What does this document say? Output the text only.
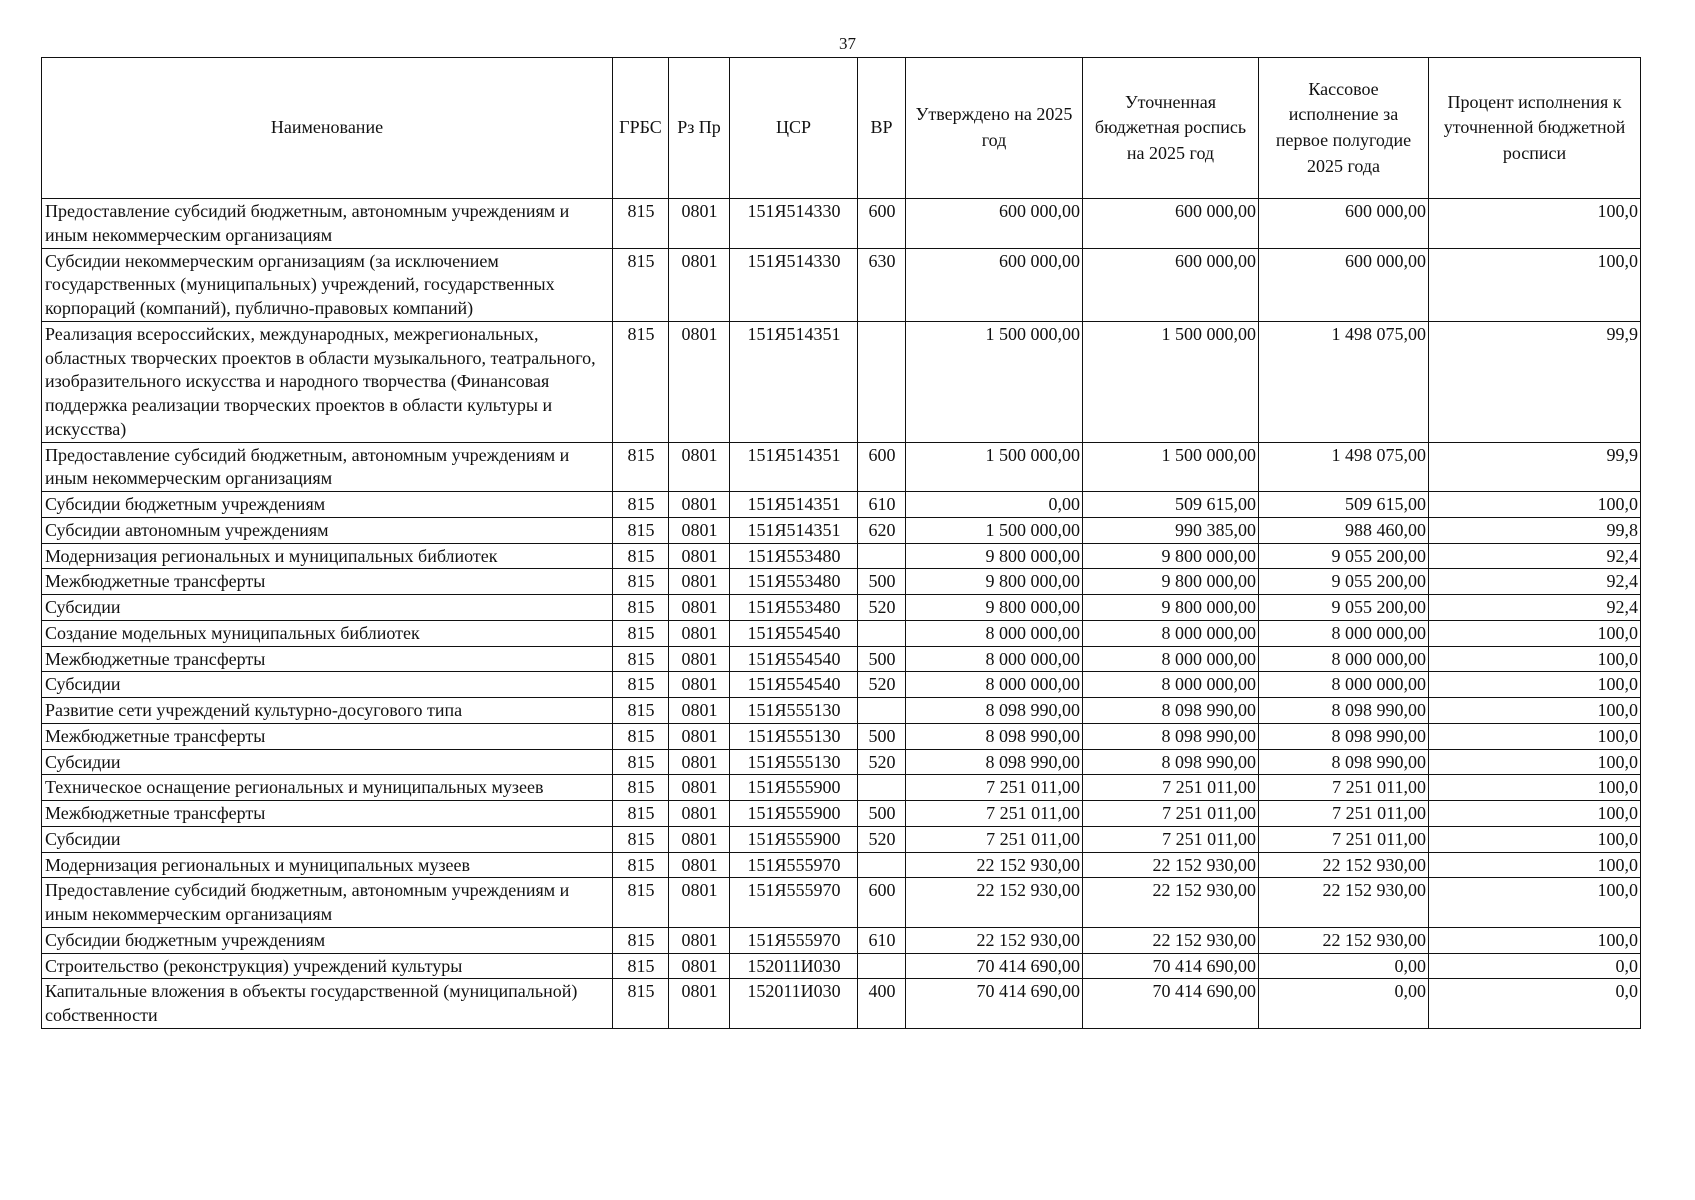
37
Наименование	ГРБС	Рз Пр	ЦСР	ВР	Утверждено на 2025 год	Уточненная бюджетная роспись на 2025 год	Кассовое исполнение за первое полугодие 2025 года	Процент исполнения к уточненной бюджетной росписи
Предоставление субсидий бюджетным, автономным учреждениям и иным некоммерческим организациям	815	0801	151Я514330	600	600 000,00	600 000,00	600 000,00	100,0
Субсидии некоммерческим организациям (за исключением государственных (муниципальных) учреждений, государственных корпораций (компаний), публично-правовых компаний)	815	0801	151Я514330	630	600 000,00	600 000,00	600 000,00	100,0
Реализация всероссийских, международных, межрегиональных, областных творческих проектов в области музыкального, театрального, изобразительного искусства и народного творчества (Финансовая поддержка реализации творческих проектов в области культуры и искусства)	815	0801	151Я514351		1 500 000,00	1 500 000,00	1 498 075,00	99,9
Предоставление субсидий бюджетным, автономным учреждениям и иным некоммерческим организациям	815	0801	151Я514351	600	1 500 000,00	1 500 000,00	1 498 075,00	99,9
Субсидии бюджетным учреждениям	815	0801	151Я514351	610	0,00	509 615,00	509 615,00	100,0
Субсидии автономным учреждениям	815	0801	151Я514351	620	1 500 000,00	990 385,00	988 460,00	99,8
Модернизация региональных и муниципальных библиотек	815	0801	151Я553480		9 800 000,00	9 800 000,00	9 055 200,00	92,4
Межбюджетные трансферты	815	0801	151Я553480	500	9 800 000,00	9 800 000,00	9 055 200,00	92,4
Субсидии	815	0801	151Я553480	520	9 800 000,00	9 800 000,00	9 055 200,00	92,4
Создание модельных муниципальных библиотек	815	0801	151Я554540		8 000 000,00	8 000 000,00	8 000 000,00	100,0
Межбюджетные трансферты	815	0801	151Я554540	500	8 000 000,00	8 000 000,00	8 000 000,00	100,0
Субсидии	815	0801	151Я554540	520	8 000 000,00	8 000 000,00	8 000 000,00	100,0
Развитие сети учреждений культурно-досугового типа	815	0801	151Я555130		8 098 990,00	8 098 990,00	8 098 990,00	100,0
Межбюджетные трансферты	815	0801	151Я555130	500	8 098 990,00	8 098 990,00	8 098 990,00	100,0
Субсидии	815	0801	151Я555130	520	8 098 990,00	8 098 990,00	8 098 990,00	100,0
Техническое оснащение региональных и муниципальных музеев	815	0801	151Я555900		7 251 011,00	7 251 011,00	7 251 011,00	100,0
Межбюджетные трансферты	815	0801	151Я555900	500	7 251 011,00	7 251 011,00	7 251 011,00	100,0
Субсидии	815	0801	151Я555900	520	7 251 011,00	7 251 011,00	7 251 011,00	100,0
Модернизация региональных и муниципальных музеев	815	0801	151Я555970		22 152 930,00	22 152 930,00	22 152 930,00	100,0
Предоставление субсидий бюджетным, автономным учреждениям и иным некоммерческим организациям	815	0801	151Я555970	600	22 152 930,00	22 152 930,00	22 152 930,00	100,0
Субсидии бюджетным учреждениям	815	0801	151Я555970	610	22 152 930,00	22 152 930,00	22 152 930,00	100,0
Строительство (реконструкция) учреждений культуры	815	0801	152011И030		70 414 690,00	70 414 690,00	0,00	0,0
Капитальные вложения в объекты государственной (муниципальной) собственности	815	0801	152011И030	400	70 414 690,00	70 414 690,00	0,00	0,0
